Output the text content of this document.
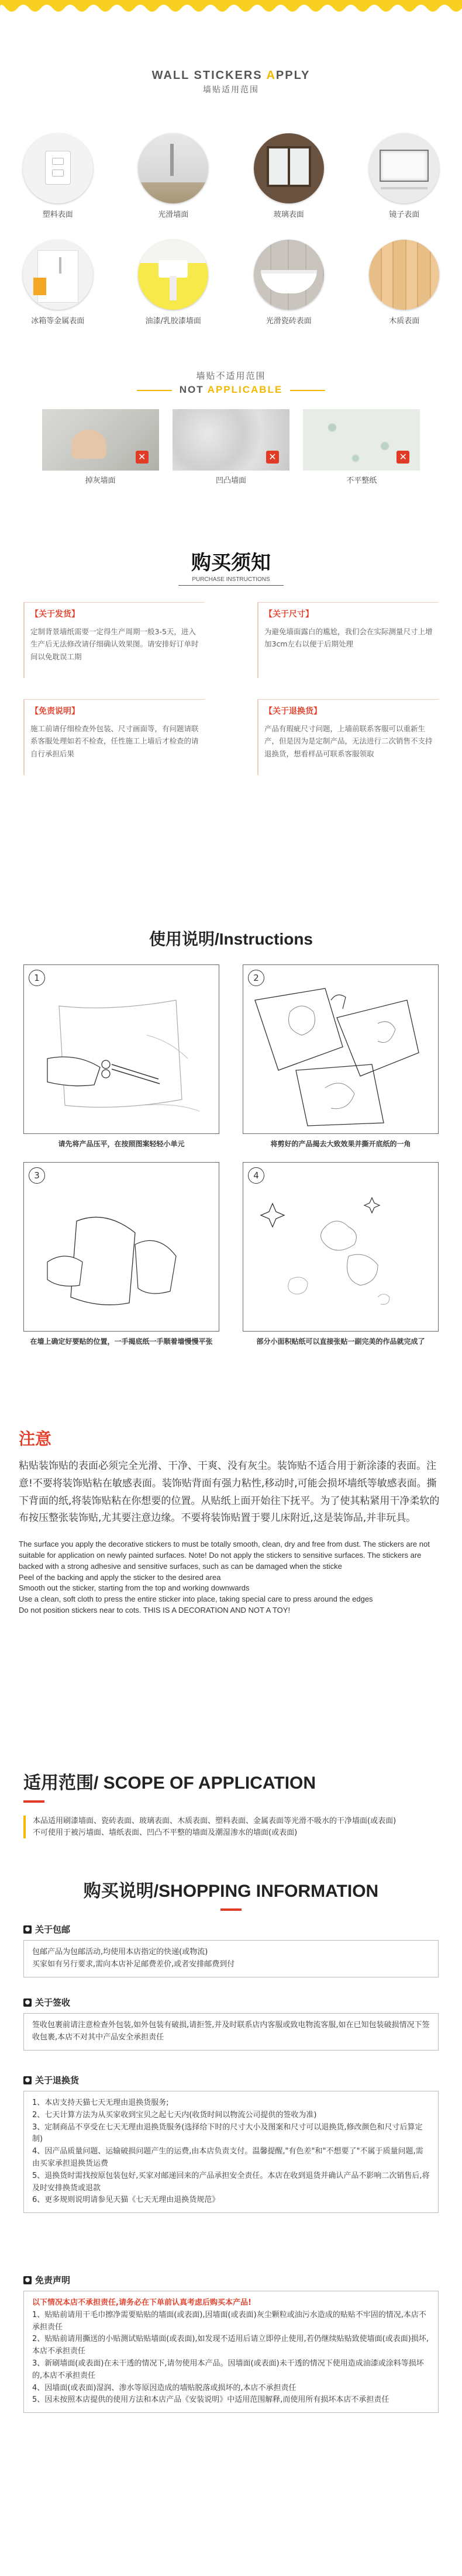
WALL STICKERS APPLY
墙贴适用范围
塑料表面	光滑墙面	玻璃表面	镜子表面
冰箱等金属表面	油漆/乳胶漆墙面	光滑瓷砖表面	木质表面
墙贴不适用范围
NOT APPLICABLE
✕
掉灰墙面
✕
凹凸墙面
✕
不平整纸
购买须知
PURCHASE INSTRUCTIONS
【关于发货】
定制背景墙纸需要一定得生产周期一般3-5天，进入生产后无法修改请仔细确认效果图。请安排好订单时间以免耽误工期
【关于尺寸】
为避免墙面露白的尴尬，我们会在实际测量尺寸上增加3cm左右以便于后期处理
【免责说明】
施工前请仔细检查外包装、尺寸画面等，有问题请联系客服处理如若不检查，任性施工上墙后才检查的请自行承担后果
【关于退换货】
产品有瑕疵尺寸问题，上墙前联系客服可以重新生产，但是因为是定制产品，无法进行二次销售不支持退换货，想看样品可联系客服领取
使用说明/Instructions
1
请先将产品压平，在按照图案轻轻小单元
2
将剪好的产品揭去大致效果并撕开底纸的一角
3
在墙上确定好要贴的位置，一手揭底纸一手顺着墙慢慢平张
4
部分小面积贴纸可以直接张贴一副完美的作品就完成了
注意
粘贴装饰贴的表面必须完全光滑、干净、干爽、没有灰尘。装饰贴不适合用于新涂漆的表面。注意!不要将装饰贴粘在敏感表面。装饰贴背面有强力粘性,移动时,可能会损坏墙纸等敏感表面。撕下背面的纸,将装饰贴粘在你想要的位置。从贴纸上面开始往下抚平。为了使其粘紧用干净柔软的布按压整张装饰贴,尤其要注意边缘。不要将装饰贴置于婴儿床附近,这是装饰品,并非玩具。
The surface you apply the decorative stickers to must be totally smooth, clean, dry and free from dust. The stickers are not suitable for application on newly painted surfaces. Note! Do not apply the stickers to sensitive surfaces. The stickers are backed with a strong adhesive and sensitive surfaces, such as can be damaged when the sticke
Peel of the backing and apply the sticker to the desired area
Smooth out the sticker, starting from the top and working downwards
Use a clean, soft cloth to press the entire sticker into place, taking special care to press around the edges
Do not position stickers near to cots. THIS IS A DECORATION AND NOT A TOY!
适用范围/ SCOPE OF APPLICATION
本品适用刷漆墙面、瓷砖表面、玻璃表面、木质表面、塑料表面、金属表面等光滑不吸水的干净墙面(或表面)
不可使用于被污墙面、墙纸表面、凹凸不平整的墙面及潮湿渗水的墙面(或表面)
购买说明/SHOPPING INFORMATION
● 关于包邮
包邮产品为包邮活动,均使用本店指定的快递(或物流)
买家如有另行要求,需向本店补足邮费差价,或者安排邮费到付
● 关于签收
签收包裹前请注意检查外包装,如外包装有破损,请拒签,并及时联系店内客服或致电物流客服,如在已知包装破损情况下签收包裹,本店不对其中产品安全承担责任
● 关于退换货
1、本店支持天猫七天无理由退换货服务;
2、七天计算方法为从买家收到宝贝之起七天内(收货时间以物流公司提供的签收为准)
3、定制商品不享受在七天无理由退换货服务(选择给下时的尺寸大小及图案和尺寸可以退换货,修改颜色和尺寸后算定制)
4、因产品质量问题、运输破损问题产生的运费,由本店负责支付。温馨提醒,"有色差"和"不想要了"不属于质量问题,需由买家承担退换货运费
5、退换货时需找按原包装包好,买家对邮递回来的产品承担安全责任。本店在收到退货并确认产品不影响二次销售后,将及时安排换货或退款
6、更多规则说明请参见天猫《七天无理由退换货规范》
● 免责声明
以下情况本店不承担责任,请务必在下单前认真考虑后购买本产品!
1、贴贴前请用干毛巾擦净需要贴贴的墙面(或表面),因墙面(或表面)灰尘颗粒或油污水造成的贴贴不牢固的情况,本店不承担责任
2、贴贴前请用撕送的小贴测试贴贴墙面(或表面),如发现不适用后请立即停止使用,若仍继续贴贴致使墙面(或表面)损坏,本店不承担责任
3、新刷墙面(或表面)在未干透的情况下,请勿使用本产品。因墙面(或表面)未干透的情况下使用造成油漆或涂料等损坏的,本店不承担责任
4、因墙面(或表面)湿润、渗水等原因造成的墙贴脱落或损坏的,本店不承担责任
5、因未按照本店提供的使用方法和本店产品《安装说明》中适用范围解释,而使用所有损坏本店不承担责任
